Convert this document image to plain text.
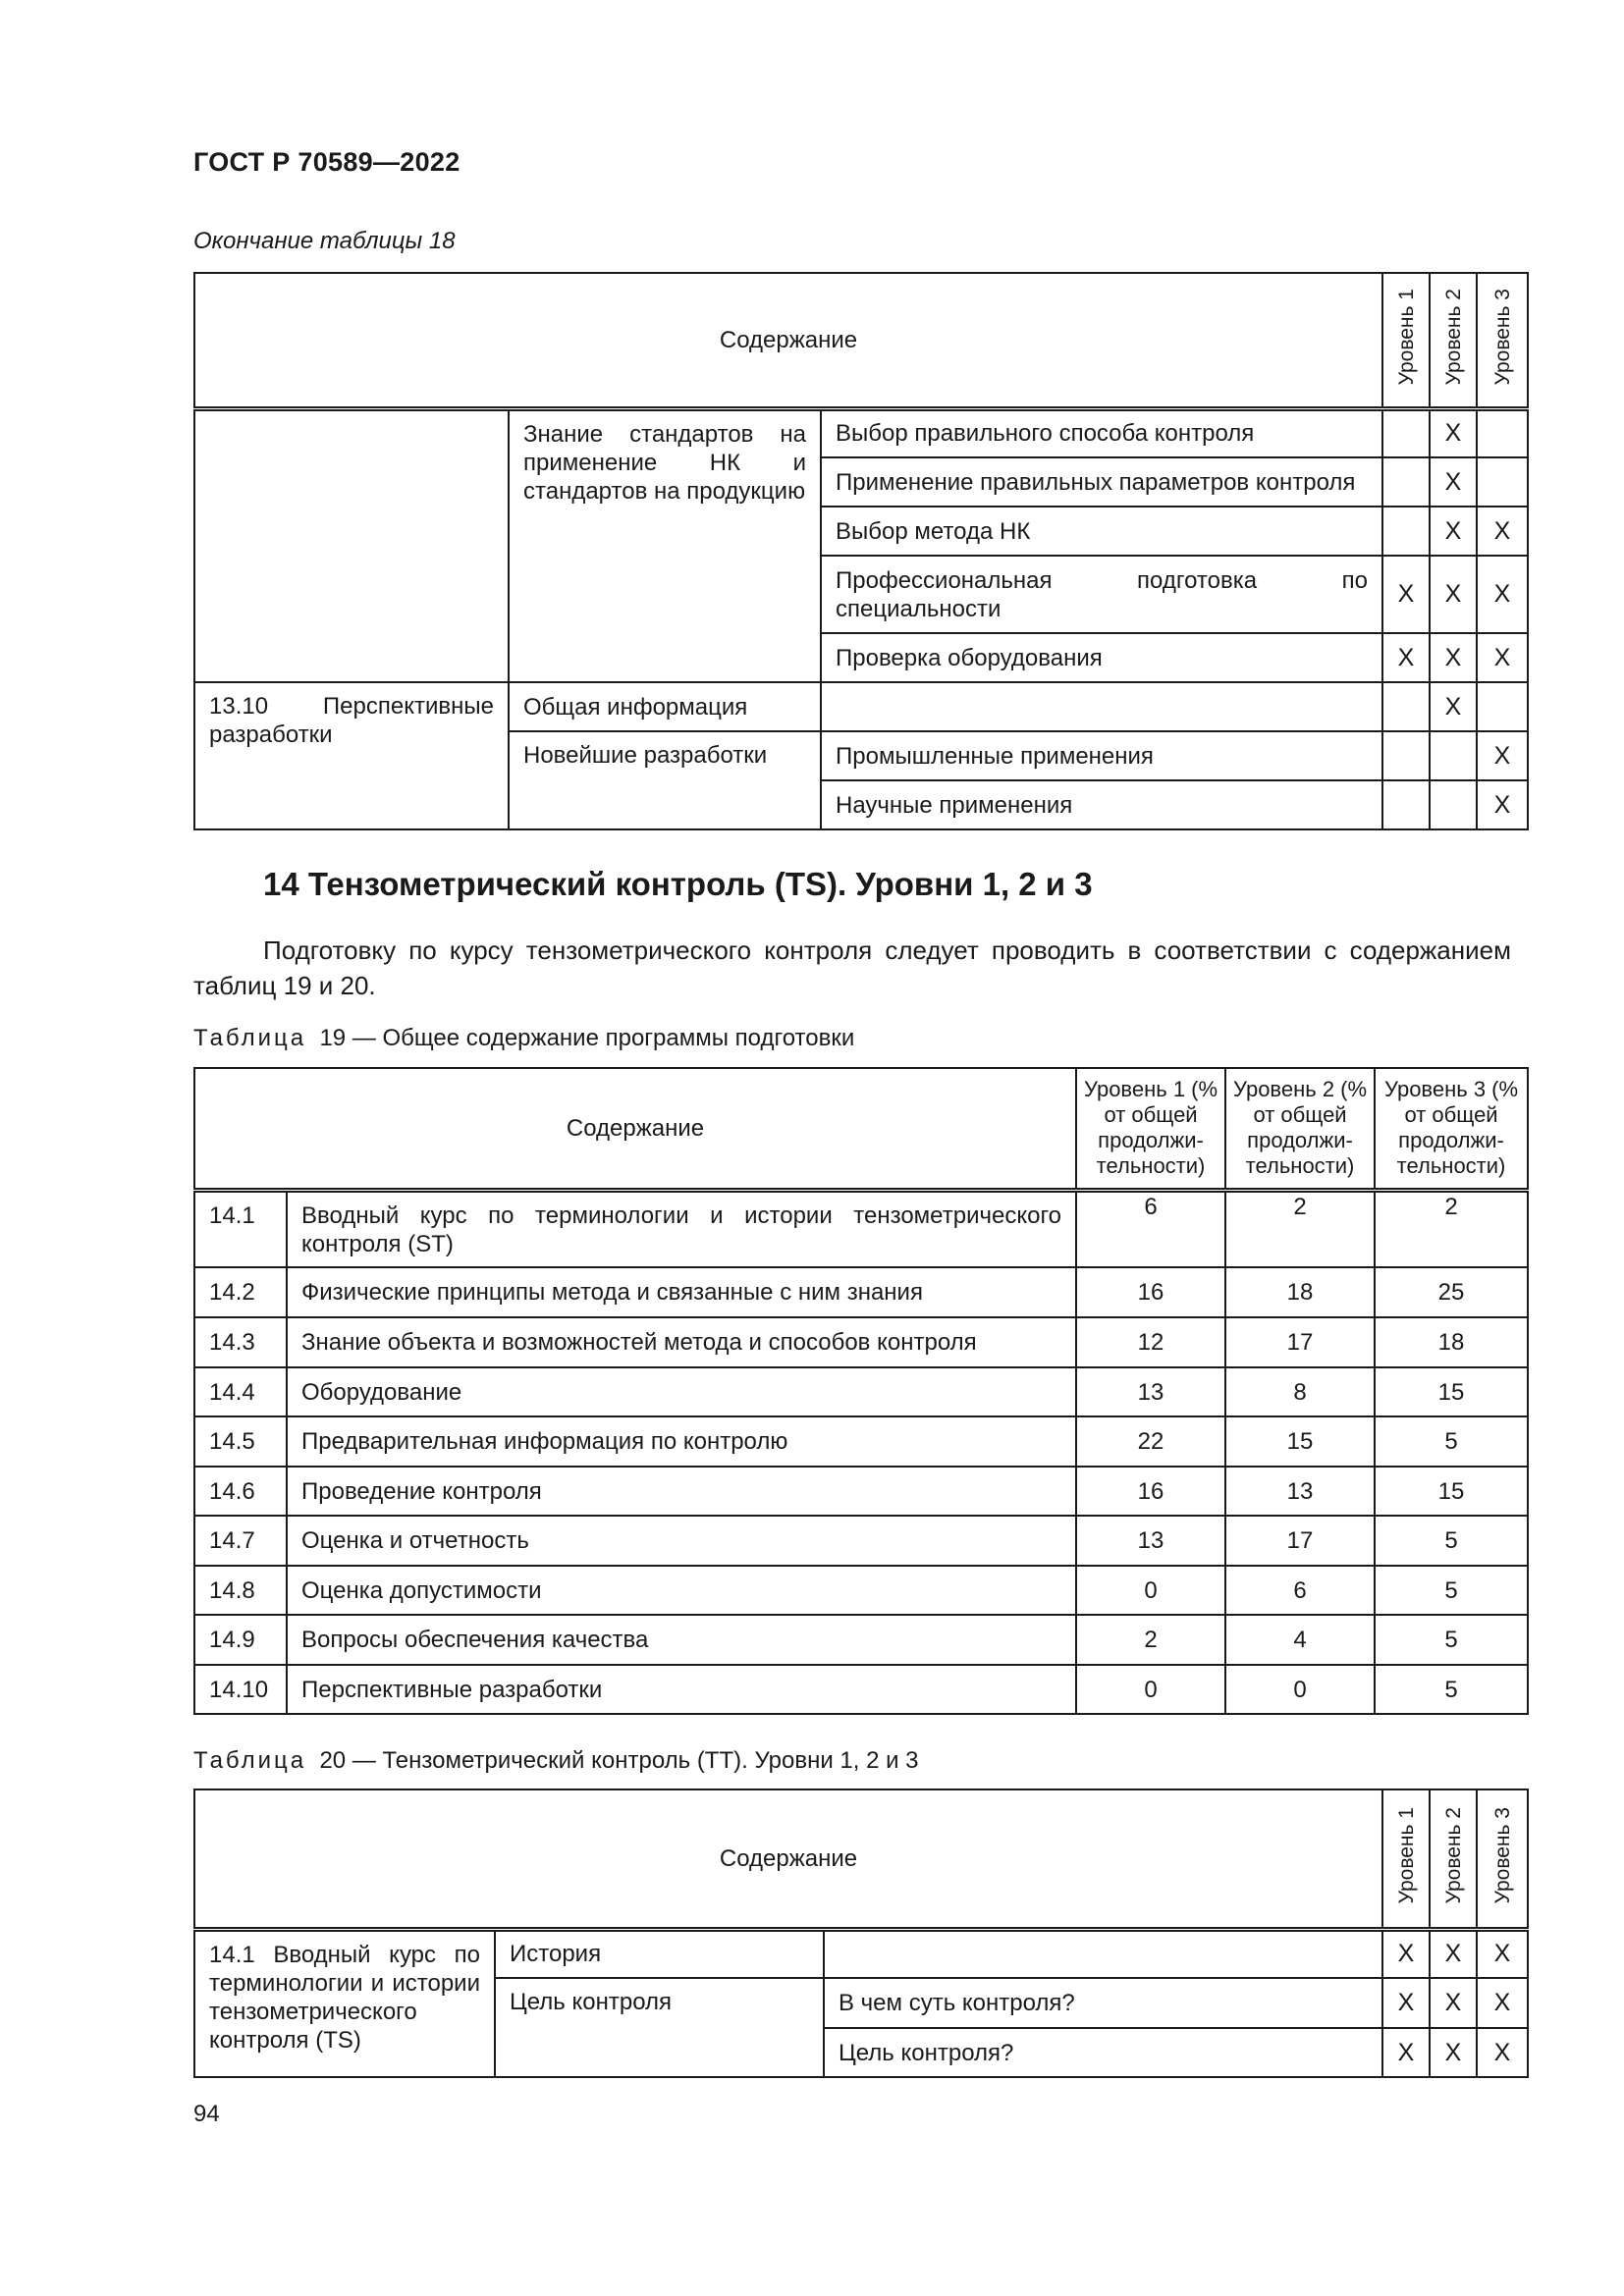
ГОСТ Р 70589—2022
Окончание таблицы 18
Содержание			Уровень 1	Уровень 2	Уровень 3
	Знание стандартов на применение НК и стандартов на продукцию	Выбор правильного способа контроля		X	
		Применение правильных параметров контроля		X	
		Выбор метода НК		X	X
		Профессиональная подготовка по специальности	X	X	X
		Проверка оборудования	X	X	X
13.10 Перспективные разработки	Общая информация			X	
	Новейшие разработки	Промышленные применения			X
		Научные применения			X
14 Тензометрический контроль (TS). Уровни 1, 2 и 3
Подготовку по курсу тензометрического контроля следует проводить в соответствии с содержанием таблиц 19 и 20.
Таблица 19 — Общее содержание программы подготовки
Содержание		Уровень 1 (% от общей продолжительности)	Уровень 2 (% от общей продолжительности)	Уровень 3 (% от общей продолжительности)
14.1	Вводный курс по терминологии и истории тензометрического контроля (ST)	6	2	2
14.2	Физические принципы метода и связанные с ним знания	16	18	25
14.3	Знание объекта и возможностей метода и способов контроля	12	17	18
14.4	Оборудование	13	8	15
14.5	Предварительная информация по контролю	22	15	5
14.6	Проведение контроля	16	13	15
14.7	Оценка и отчетность	13	17	5
14.8	Оценка допустимости	0	6	5
14.9	Вопросы обеспечения качества	2	4	5
14.10	Перспективные разработки	0	0	5
Таблица 20 — Тензометрический контроль (TT). Уровни 1, 2 и 3
Содержание			Уровень 1	Уровень 2	Уровень 3
14.1 Вводный курс по терминологии и истории тензометрического контроля (TS)	История		X	X	X
	Цель контроля	В чем суть контроля?	X	X	X
		Цель контроля?	X	X	X
94
